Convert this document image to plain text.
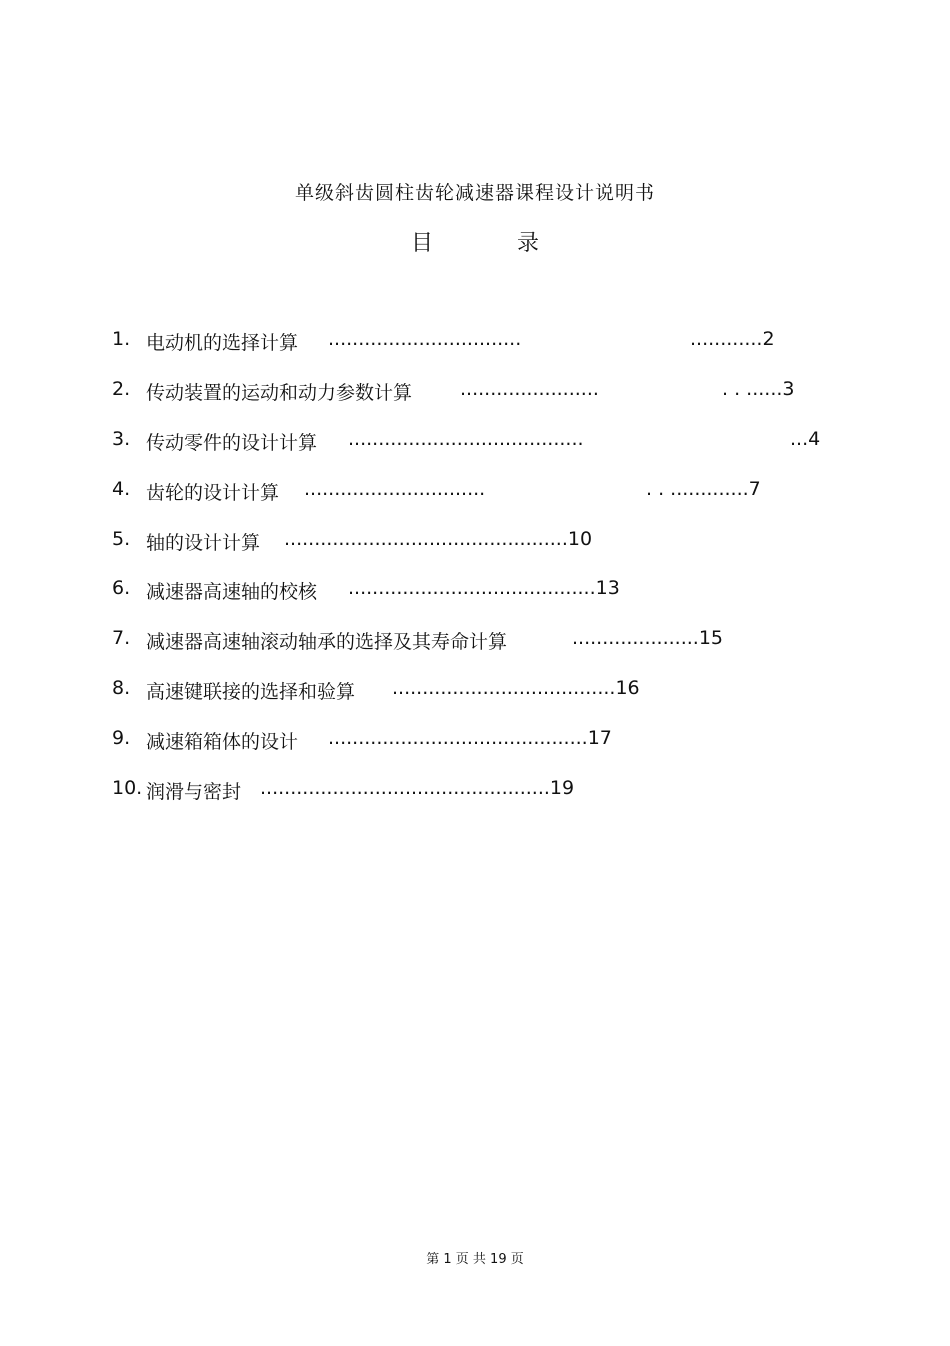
单级斜齿圆柱齿轮减速器课程设计说明书
目	录
1. 电动机的选择计算 ................................	............2
2. 传动装置的运动和动力参数计算	.......................	. . ......3
3. 传动零件的设计计算 .......................................	...4
4. 齿轮的设计计算 ..............................	. . .............7
5. 轴的设计计算 ...............................................10
6. 减速器高速轴的校核 .........................................13
7. 减速器高速轴滚动轴承的选择及其寿命计算	.....................15
8. 高速键联接的选择和验算 .....................................16
9. 减速箱箱体的设计 ...........................................17
10. 润滑与密封 ................................................19
第 1 页 共 19 页
